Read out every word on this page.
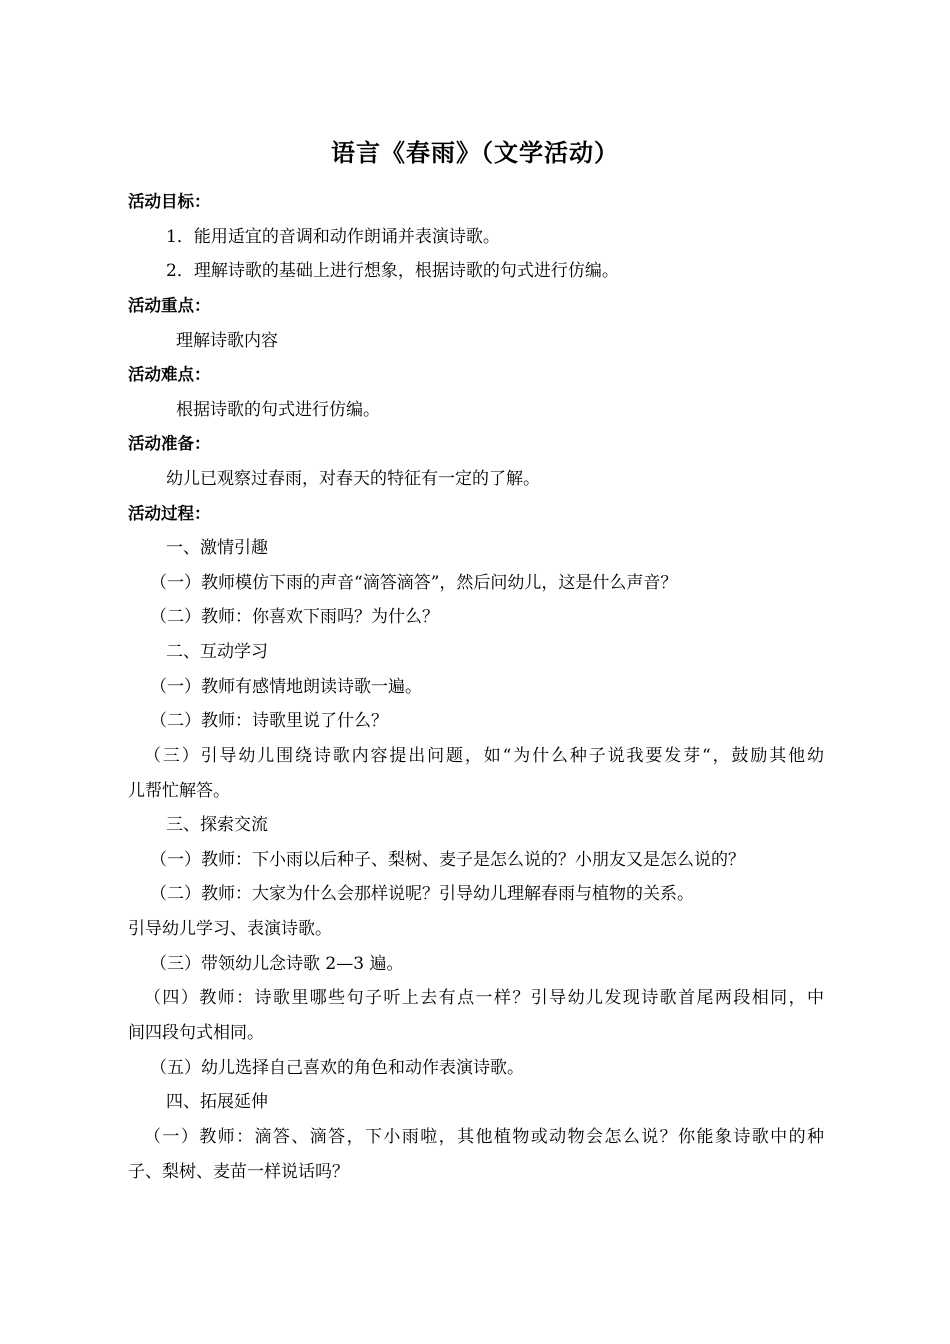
语言《春雨》（文学活动）
活动目标：
1．能用适宜的音调和动作朗诵并表演诗歌。
2．理解诗歌的基础上进行想象，根据诗歌的句式进行仿编。
活动重点：
理解诗歌内容
活动难点：
根据诗歌的句式进行仿编。
活动准备：
幼儿已观察过春雨，对春天的特征有一定的了解。
活动过程：
一、激情引趣
（一）教师模仿下雨的声音“滴答滴答”，然后问幼儿，这是什么声音？
（二）教师：你喜欢下雨吗？为什么？
二、互动学习
（一）教师有感情地朗读诗歌一遍。
（二）教师：诗歌里说了什么？
（三）引导幼儿围绕诗歌内容提出问题，如“为什么种子说我要发芽“，鼓励其他幼
儿帮忙解答。
三、探索交流
（一）教师：下小雨以后种子、梨树、麦子是怎么说的？小朋友又是怎么说的？
（二）教师：大家为什么会那样说呢？引导幼儿理解春雨与植物的关系。
引导幼儿学习、表演诗歌。
（三）带领幼儿念诗歌 2—3 遍。
（四）教师：诗歌里哪些句子听上去有点一样？引导幼儿发现诗歌首尾两段相同，中
间四段句式相同。
（五）幼儿选择自己喜欢的角色和动作表演诗歌。
四、拓展延伸
（一）教师：滴答、滴答，下小雨啦，其他植物或动物会怎么说？你能象诗歌中的种
子、梨树、麦苗一样说话吗？
